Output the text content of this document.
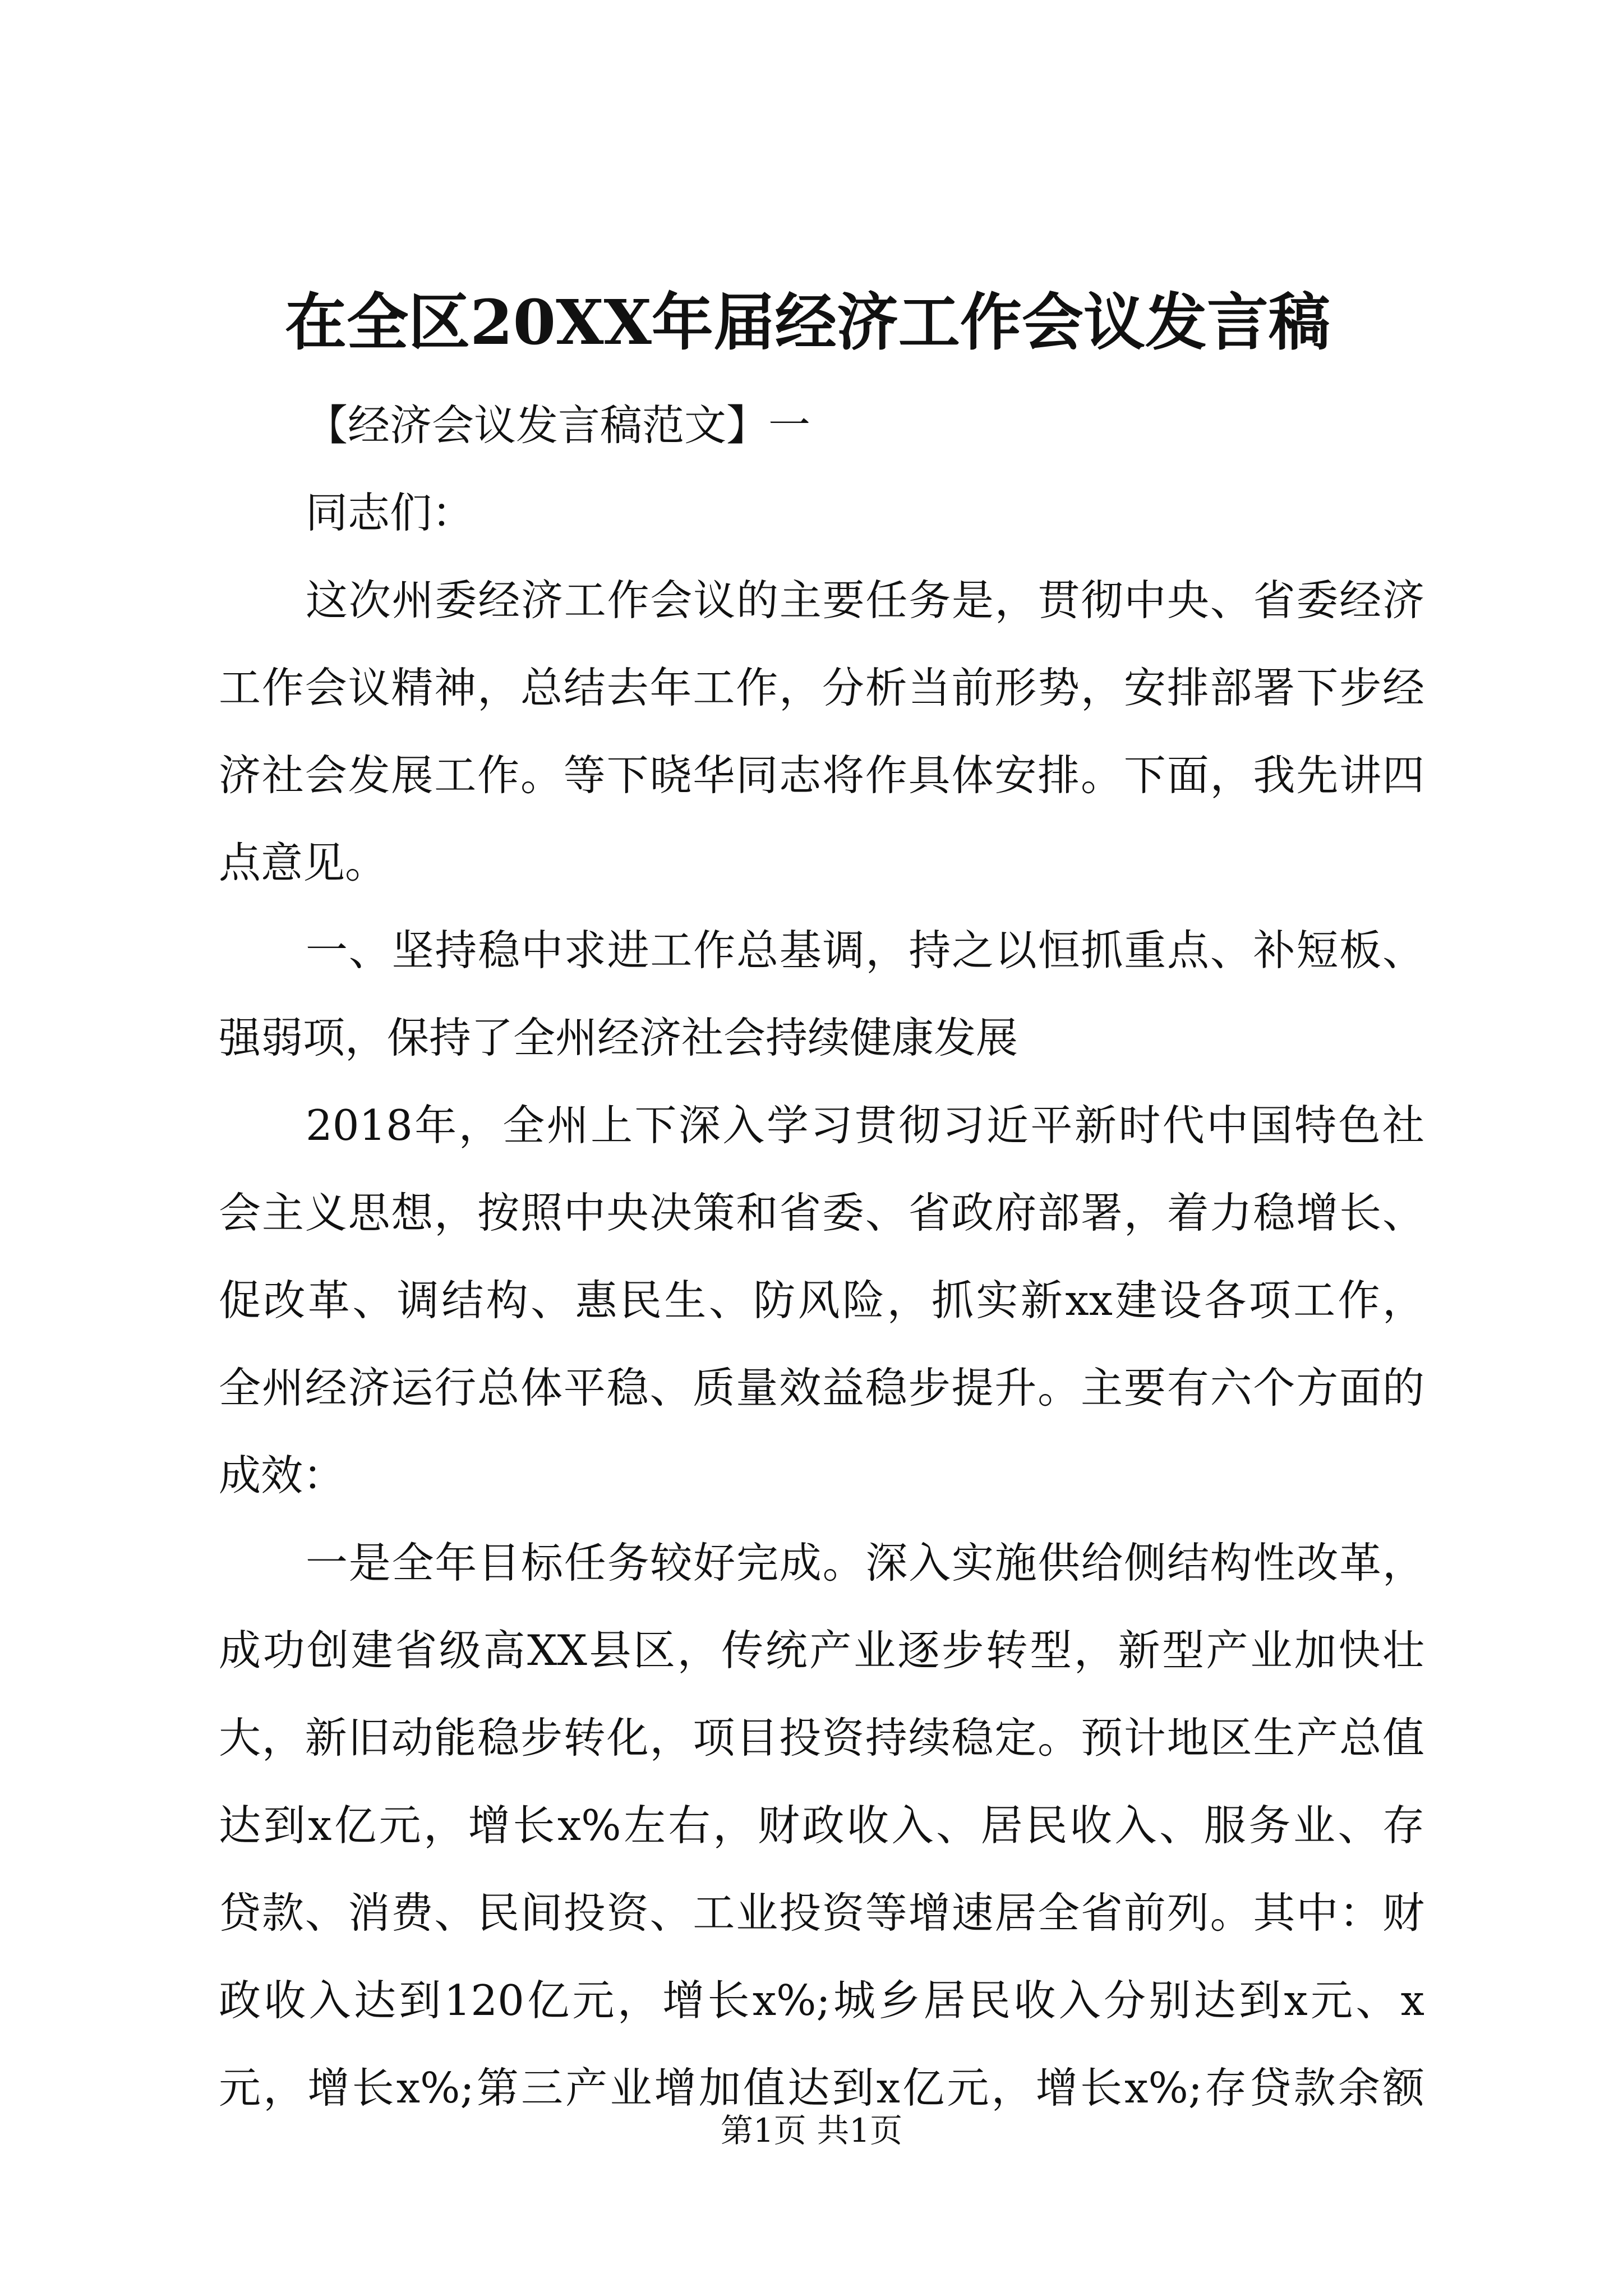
在全区20XX年届经济工作会议发言稿
【经济会议发言稿范文】一
同志们：
这次州委经济工作会议的主要任务是，贯彻中央、省委经济
工作会议精神，总结去年工作，分析当前形势，安排部署下步经
济社会发展工作。等下晓华同志将作具体安排。下面，我先讲四
点意见。
一、坚持稳中求进工作总基调，持之以恒抓重点、补短板、
强弱项，保持了全州经济社会持续健康发展
2018年，全州上下深入学习贯彻习近平新时代中国特色社
会主义思想，按照中央决策和省委、省政府部署，着力稳增长、
促改革、调结构、惠民生、防风险，抓实新xx建设各项工作，
全州经济运行总体平稳、质量效益稳步提升。主要有六个方面的
成效：
一是全年目标任务较好完成。深入实施供给侧结构性改革，
成功创建省级高XX县区，传统产业逐步转型，新型产业加快壮
大，新旧动能稳步转化，项目投资持续稳定。预计地区生产总值
达到x亿元，增长x%左右，财政收入、居民收入、服务业、存
贷款、消费、民间投资、工业投资等增速居全省前列。其中：财
政收入达到120亿元，增长x%;城乡居民收入分别达到x元、x
元，增长x%;第三产业增加值达到x亿元，增长x%;存贷款余额
第1页 共1页
